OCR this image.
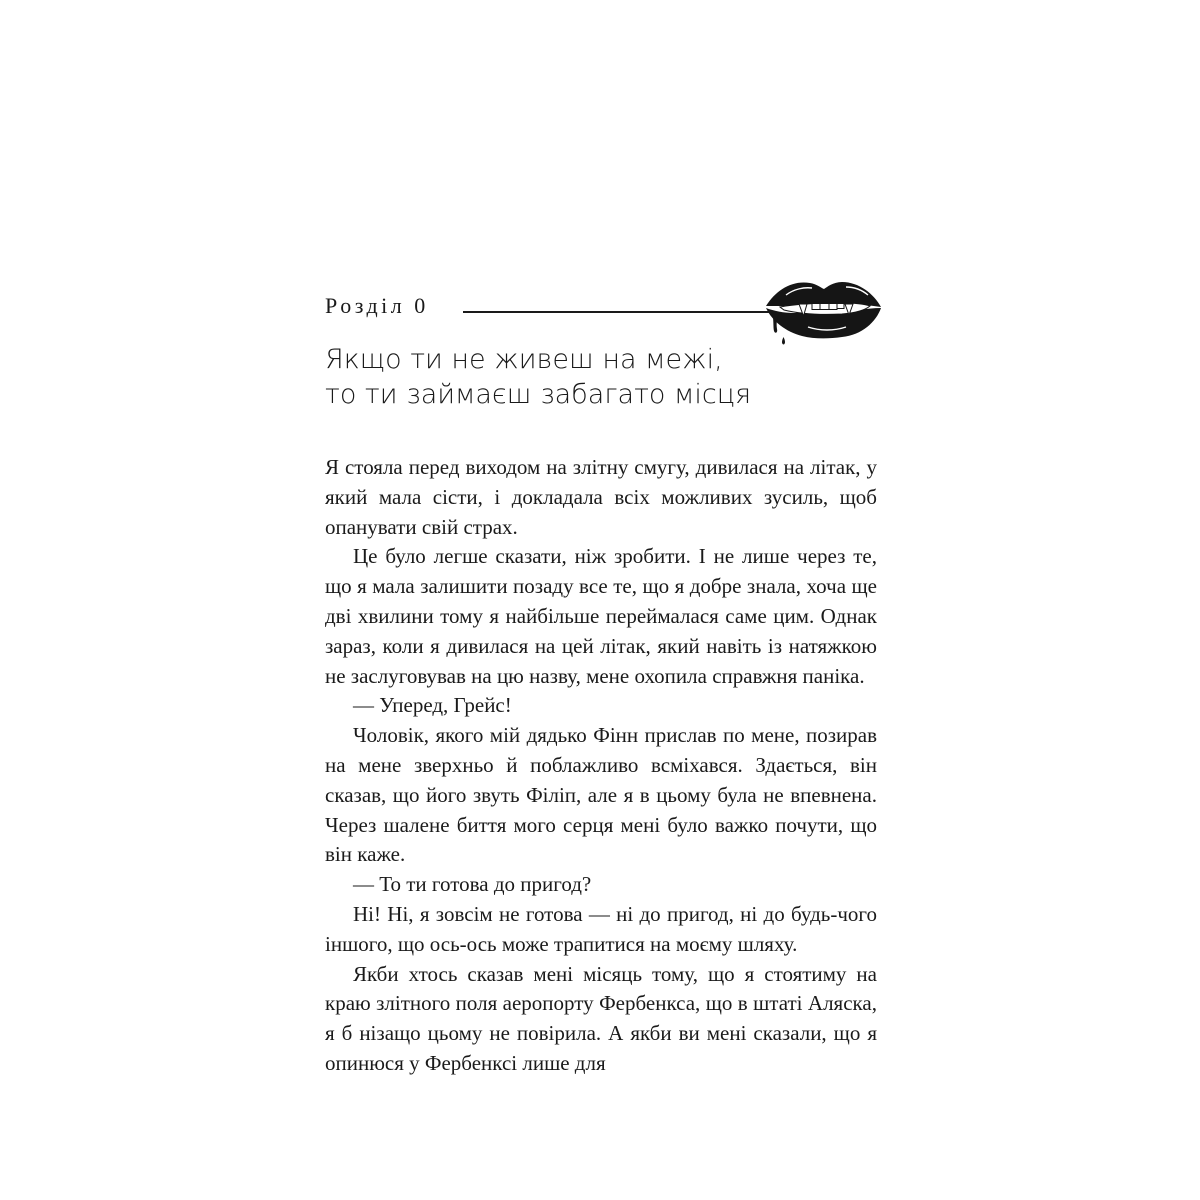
Розділ 0
Якщо ти не живеш на межі,
то ти займаєш забагато місця

Я стояла перед виходом на злітну смугу, дивилася на літак, у який мала сісти, і докладала всіх можливих зусиль, щоб опанувати свій страх.

Це було легше сказати, ніж зробити. І не лише через те, що я мала залишити позаду все те, що я добре знала, хоча ще дві хвилини тому я найбільше переймалася саме цим. Однак зараз, коли я дивилася на цей літак, який навіть із натяжкою не заслуговував на цю назву, мене охопила справжня паніка.

— Уперед, Грейс!

Чоловік, якого мій дядько Фінн прислав по мене, позирав на мене зверхньо й поблажливо всміхався. Здається, він сказав, що його звуть Філіп, але я в цьому була не впевнена. Через шалене биття мого серця мені було важко почути, що він каже.

— То ти готова до пригод?

Ні! Ні, я зовсім не готова — ні до пригод, ні до будь-чого іншого, що ось-ось може трапитися на моєму шляху.

Якби хтось сказав мені місяць тому, що я стоятиму на краю злітного поля аеропорту Фербенкса, що в штаті Аляска, я б нізащо цьому не повірила. А якби ви мені сказали, що я опинюся у Фербенксі лише для
